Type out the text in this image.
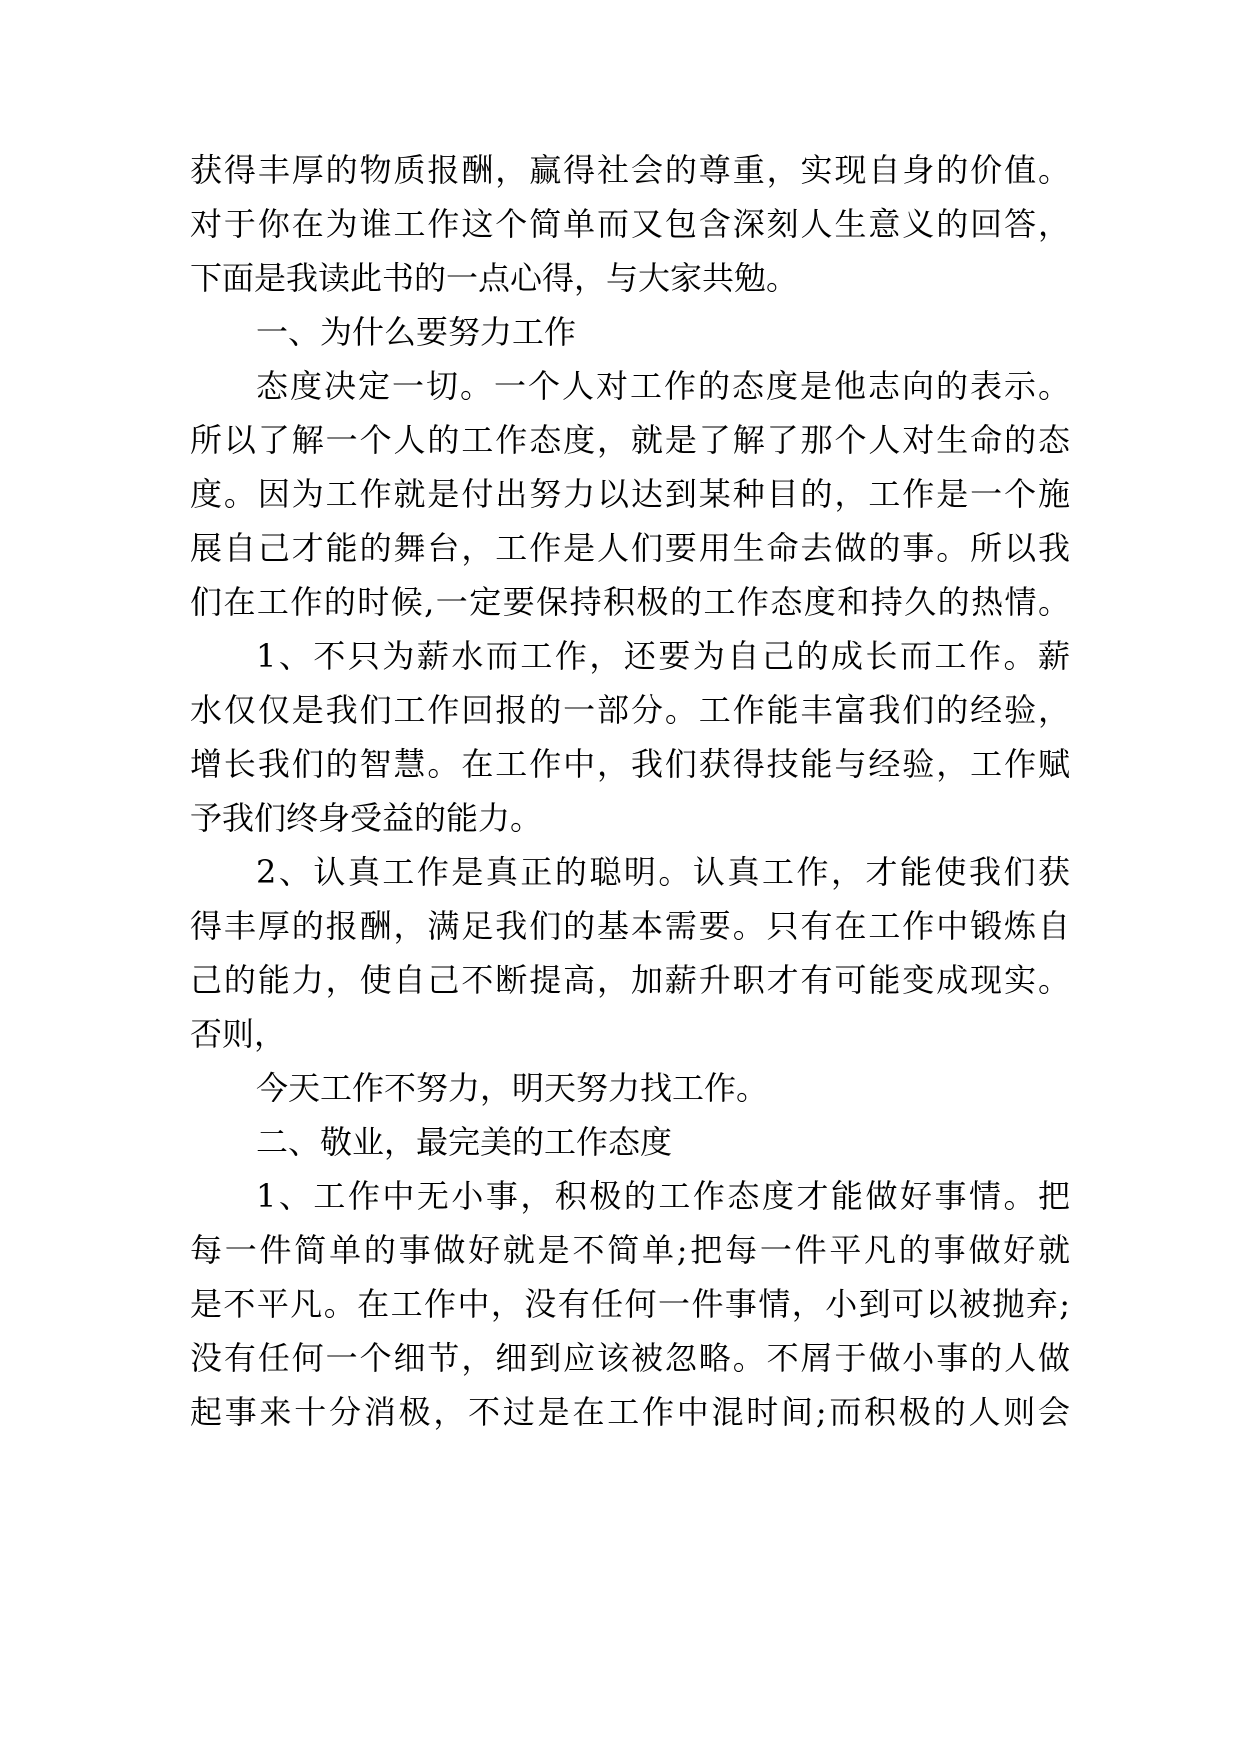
获得丰厚的物质报酬，赢得社会的尊重，实现自身的价值。
对于你在为谁工作这个简单而又包含深刻人生意义的回答，
下面是我读此书的一点心得，与大家共勉。
一、为什么要努力工作
态度决定一切。一个人对工作的态度是他志向的表示。
所以了解一个人的工作态度，就是了解了那个人对生命的态
度。因为工作就是付出努力以达到某种目的，工作是一个施
展自己才能的舞台，工作是人们要用生命去做的事。所以我
们在工作的时候,一定要保持积极的工作态度和持久的热情。
1、不只为薪水而工作，还要为自己的成长而工作。薪
水仅仅是我们工作回报的一部分。工作能丰富我们的经验，
增长我们的智慧。在工作中，我们获得技能与经验，工作赋
予我们终身受益的能力。
2、认真工作是真正的聪明。认真工作，才能使我们获
得丰厚的报酬，满足我们的基本需要。只有在工作中锻炼自
己的能力，使自己不断提高，加薪升职才有可能变成现实。
否则，
今天工作不努力，明天努力找工作。
二、敬业，最完美的工作态度
1、工作中无小事，积极的工作态度才能做好事情。把
每一件简单的事做好就是不简单;把每一件平凡的事做好就
是不平凡。在工作中，没有任何一件事情，小到可以被抛弃;
没有任何一个细节，细到应该被忽略。不屑于做小事的人做
起事来十分消极，不过是在工作中混时间;而积极的人则会
